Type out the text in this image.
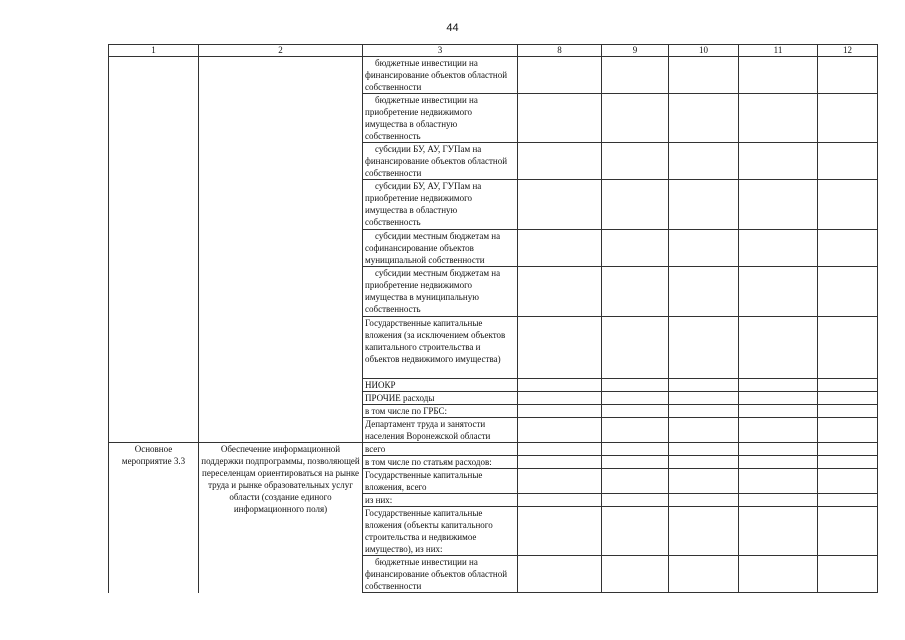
44
1	2	3	8	9	10	11	12
		бюджетные инвестиции на финансирование объектов областной собственности					
		бюджетные инвестиции на приобретение недвижимого имущества в областную собственность					
		субсидии БУ, АУ, ГУПам на финансирование объектов областной собственности					
		субсидии БУ, АУ, ГУПам на приобретение недвижимого имущества в областную собственность					
		субсидии местным бюджетам на софинансирование объектов муниципальной собственности					
		субсидии местным бюджетам на приобретение недвижимого имущества в муниципальную собственность					
		Государственные капитальные вложения (за исключением объектов капитального строительства и объектов недвижимого имущества)					
		НИОКР					
		ПРОЧИЕ расходы					
		в том числе по ГРБС:					
		Департамент труда и занятости населения Воронежской области					
Основное мероприятие 3.3	Обеспечение информационной поддержки подпрограммы, позволяющей переселенцам ориентироваться на рынке труда и рынке образовательных услуг области (создание единого информационного поля)	всего					
		в том числе по статьям расходов:					
		Государственные капитальные вложения, всего					
		из них:					
		Государственные капитальные вложения (объекты капитального строительства и недвижимое имущество), из них:					
		бюджетные инвестиции на финансирование объектов областной собственности					
